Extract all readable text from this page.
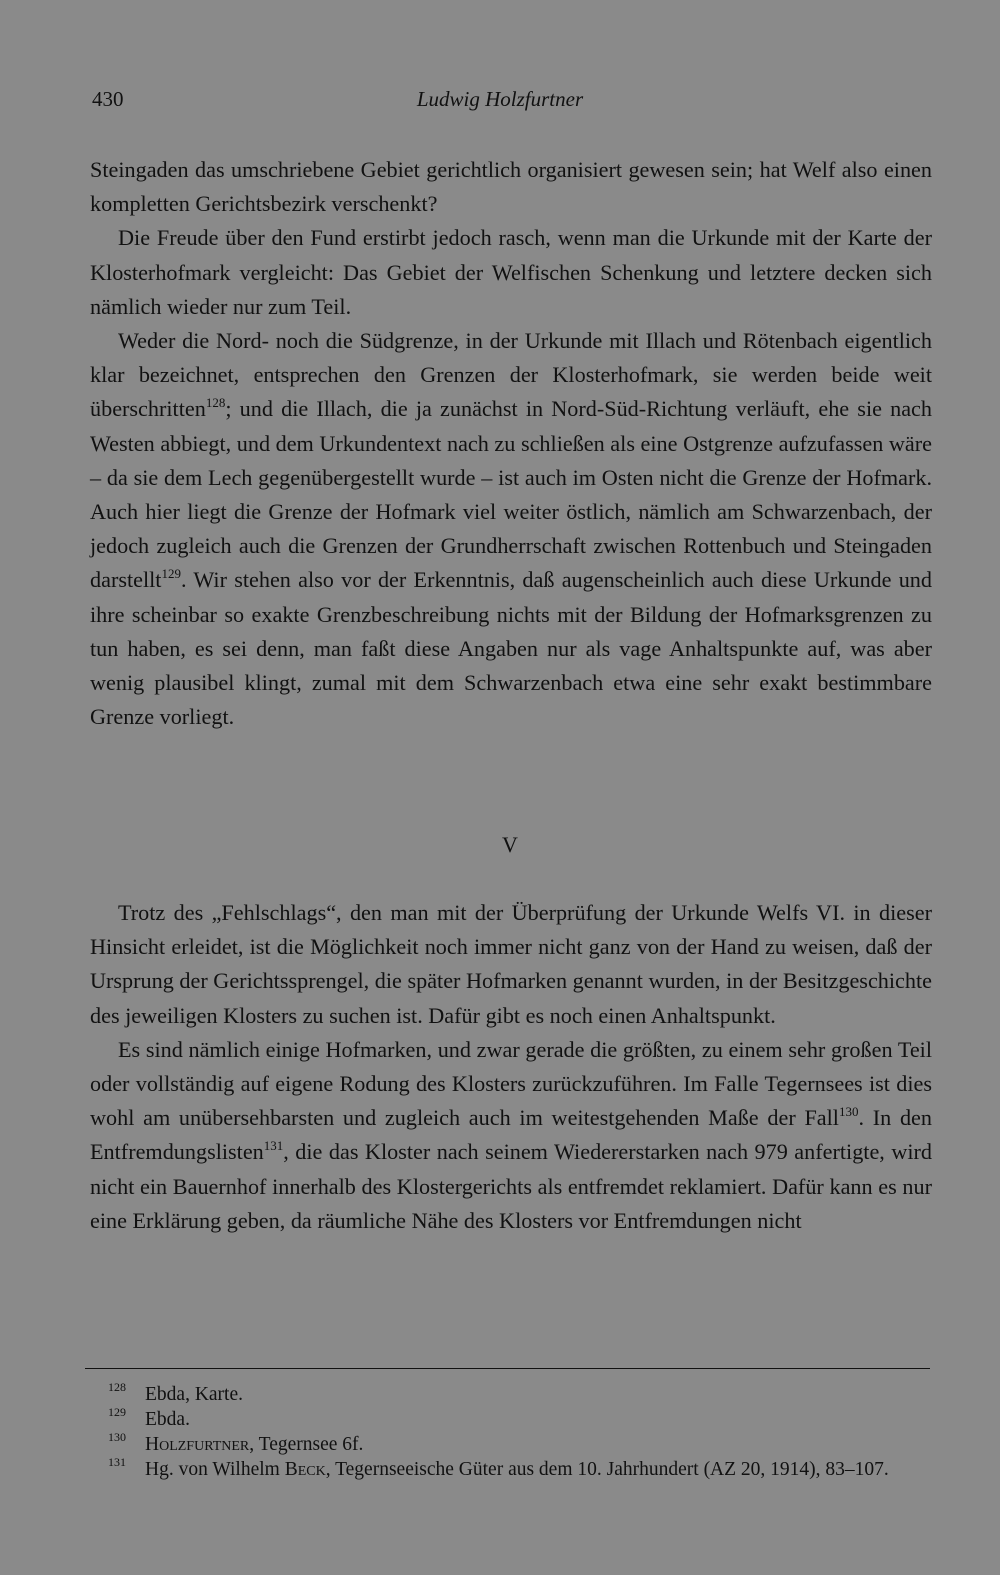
430	Ludwig Holzfurtner

Steingaden das umschriebene Gebiet gerichtlich organisiert gewesen sein; hat Welf also einen kompletten Gerichtsbezirk verschenkt?

Die Freude über den Fund erstirbt jedoch rasch, wenn man die Urkunde mit der Karte der Klosterhofmark vergleicht: Das Gebiet der Welfischen Schenkung und letztere decken sich nämlich wieder nur zum Teil.

Weder die Nord- noch die Südgrenze, in der Urkunde mit Illach und Rötenbach eigentlich klar bezeichnet, entsprechen den Grenzen der Klosterhofmark, sie werden beide weit überschritten$^{128}$; und die Illach, die ja zunächst in Nord-Süd-Richtung verläuft, ehe sie nach Westen abbiegt, und dem Urkundentext nach zu schließen als eine Ostgrenze aufzufassen wäre – da sie dem Lech gegenübergestellt wurde – ist auch im Osten nicht die Grenze der Hofmark. Auch hier liegt die Grenze der Hofmark viel weiter östlich, nämlich am Schwarzenbach, der jedoch zugleich auch die Grenzen der Grundherrschaft zwischen Rottenbuch und Steingaden darstellt$^{129}$. Wir stehen also vor der Erkenntnis, daß augenscheinlich auch diese Urkunde und ihre scheinbar so exakte Grenzbeschreibung nichts mit der Bildung der Hofmarksgrenzen zu tun haben, es sei denn, man faßt diese Angaben nur als vage Anhaltspunkte auf, was aber wenig plausibel klingt, zumal mit dem Schwarzenbach etwa eine sehr exakt bestimmbare Grenze vorliegt.

V

Trotz des „Fehlschlags“, den man mit der Überprüfung der Urkunde Welfs VI. in dieser Hinsicht erleidet, ist die Möglichkeit noch immer nicht ganz von der Hand zu weisen, daß der Ursprung der Gerichtssprengel, die später Hofmarken genannt wurden, in der Besitzgeschichte des jeweiligen Klosters zu suchen ist. Dafür gibt es noch einen Anhaltspunkt.

Es sind nämlich einige Hofmarken, und zwar gerade die größten, zu einem sehr großen Teil oder vollständig auf eigene Rodung des Klosters zurückzuführen. Im Falle Tegernsees ist dies wohl am unübersehbarsten und zugleich auch im weitestgehenden Maße der Fall$^{130}$. In den Entfremdungslisten$^{131}$, die das Kloster nach seinem Wiedererstarken nach 979 anfertigte, wird nicht ein Bauernhof innerhalb des Klostergerichts als entfremdet reklamiert. Dafür kann es nur eine Erklärung geben, da räumliche Nähe des Klosters vor Entfremdungen nicht

128 Ebda, Karte.
129 Ebda.
130 Holzfurtner, Tegernsee 6f.
131 Hg. von Wilhelm Beck, Tegernseeische Güter aus dem 10. Jahrhundert (AZ 20, 1914), 83–107.
